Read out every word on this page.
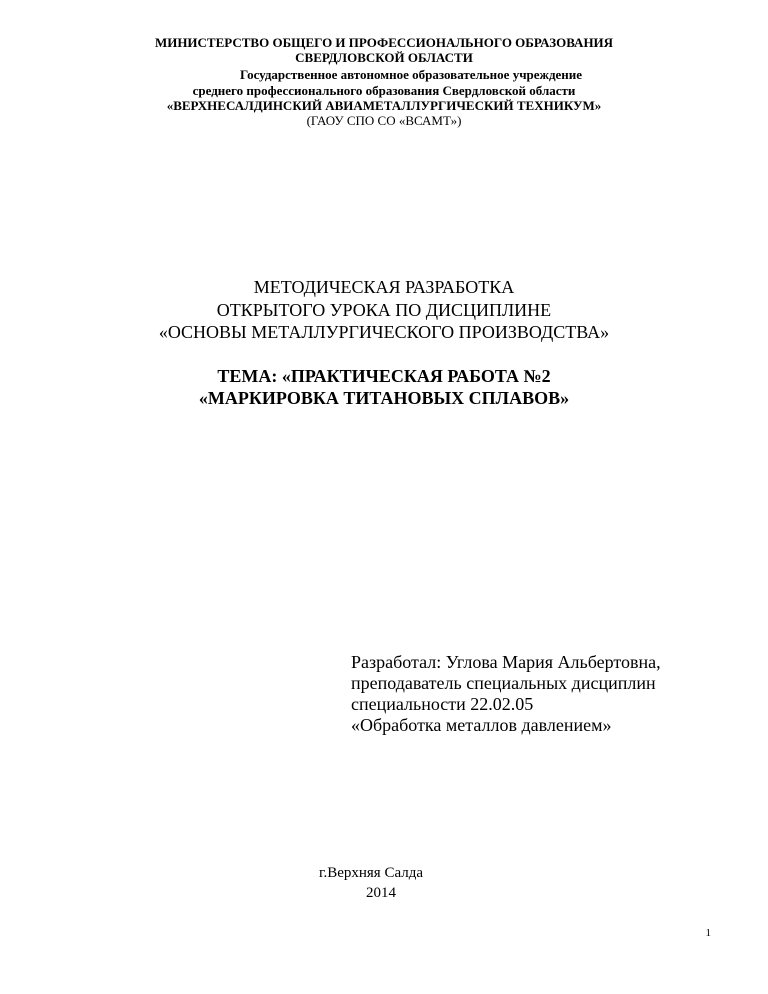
МИНИСТЕРСТВО ОБЩЕГО И ПРОФЕССИОНАЛЬНОГО ОБРАЗОВАНИЯ
СВЕРДЛОВСКОЙ ОБЛАСТИ
Государственное автономное образовательное учреждение
среднего профессионального образования Свердловской области
«ВЕРХНЕСАЛДИНСКИЙ АВИАМЕТАЛЛУРГИЧЕСКИЙ ТЕХНИКУМ»
(ГАОУ СПО СО «ВСАМТ»)
МЕТОДИЧЕСКАЯ РАЗРАБОТКА
ОТКРЫТОГО УРОКА ПО ДИСЦИПЛИНЕ
«ОСНОВЫ МЕТАЛЛУРГИЧЕСКОГО ПРОИЗВОДСТВА»
ТЕМА: «ПРАКТИЧЕСКАЯ РАБОТА №2
«МАРКИРОВКА ТИТАНОВЫХ СПЛАВОВ»
Разработал: Углова Мария Альбертовна,
преподаватель специальных дисциплин
специальности 22.02.05
«Обработка металлов давлением»
г.Верхняя Салда
2014
1
